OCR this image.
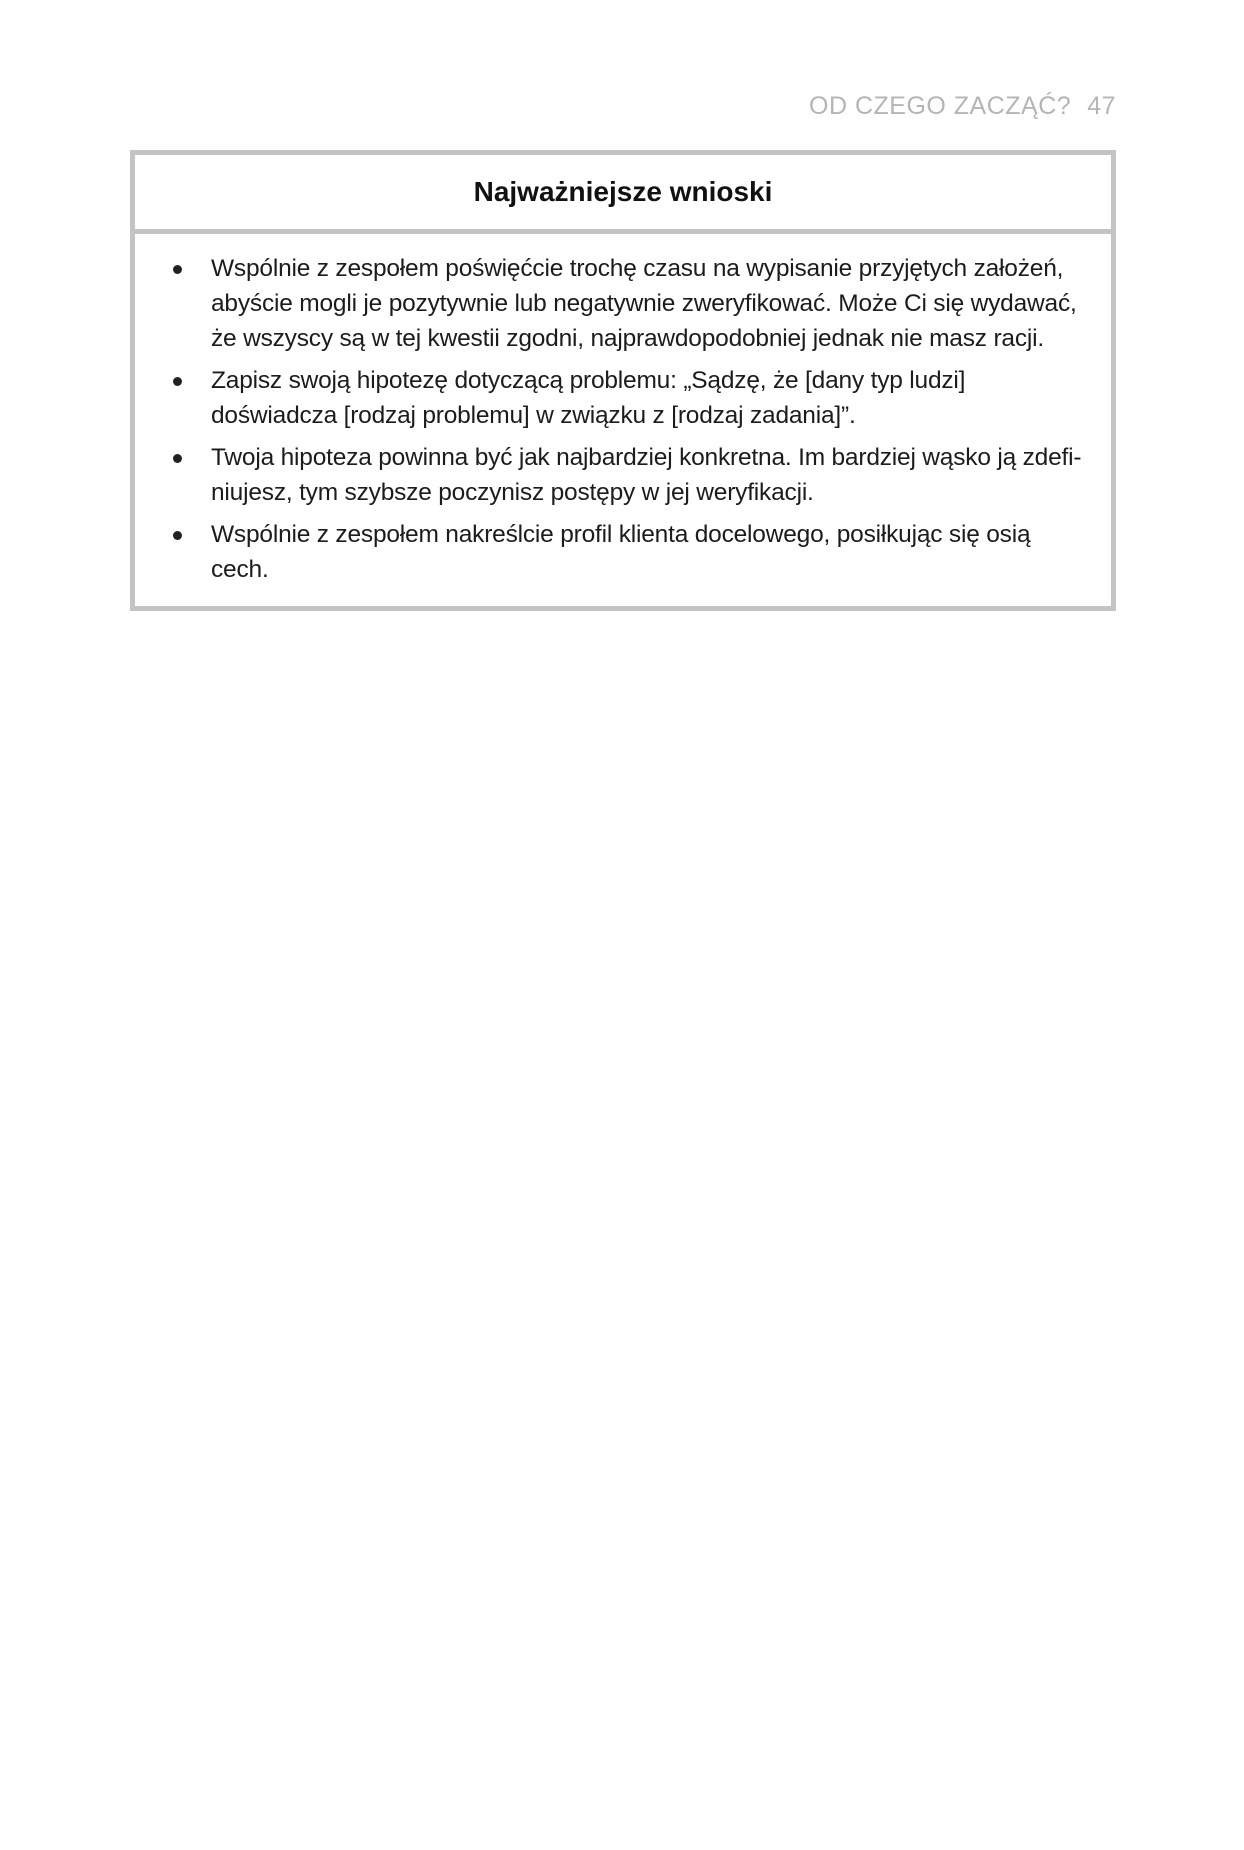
OD CZEGO ZACZĄĆ? 47
Najważniejsze wnioski
Wspólnie z zespołem poświęćcie trochę czasu na wypisanie przyjętych założeń, abyście mogli je pozytywnie lub negatywnie zweryfikować. Może Ci się wydawać, że wszyscy są w tej kwestii zgodni, najprawdopodobniej jednak nie masz racji.
Zapisz swoją hipotezę dotyczącą problemu: „Sądzę, że [dany typ ludzi] doświadcza [rodzaj problemu] w związku z [rodzaj zadania]”.
Twoja hipoteza powinna być jak najbardziej konkretna. Im bardziej wąsko ją zdefiniujesz, tym szybsze poczynisz postępy w jej weryfikacji.
Wspólnie z zespołem nakreślcie profil klienta docelowego, posiłkując się osią cech.
